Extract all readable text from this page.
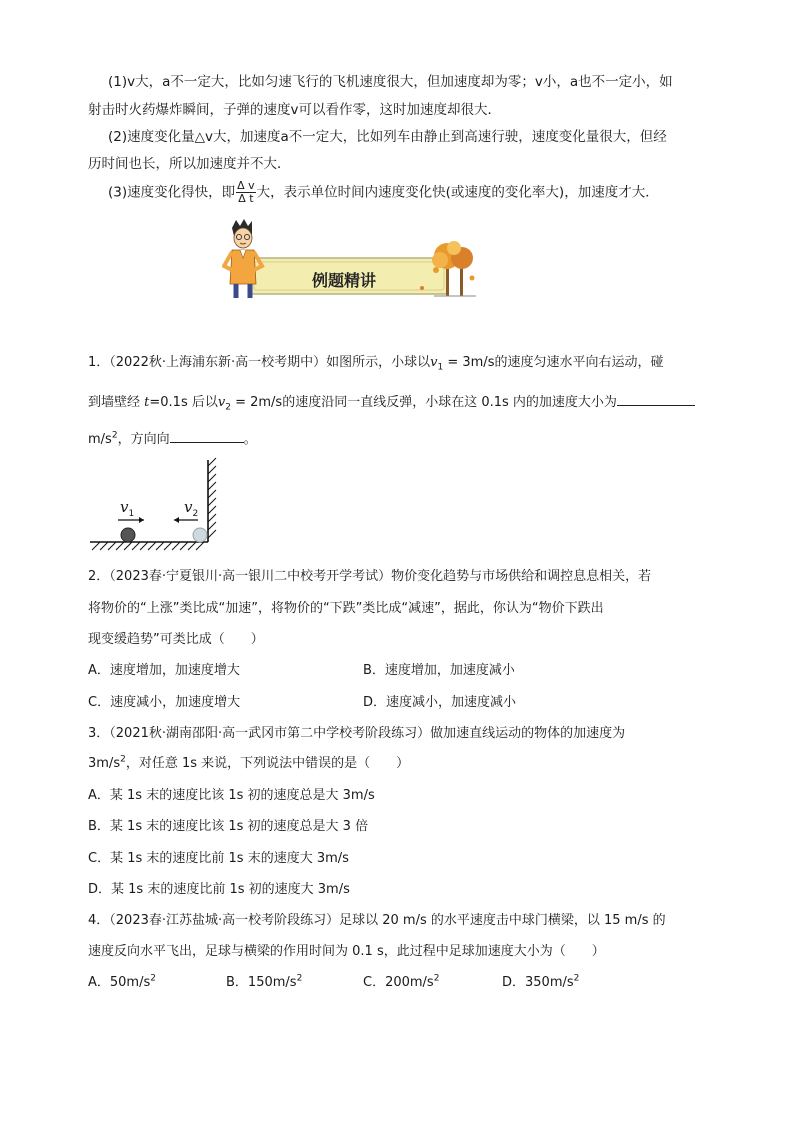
(1)v大，a不一定大，比如匀速飞行的飞机速度很大，但加速度却为零；v小，a也不一定小，如
射击时火药爆炸瞬间，子弹的速度v可以看作零，这时加速度却很大．
(2)速度变化量△v大，加速度a不一定大，比如列车由静止到高速行驶，速度变化量很大，但经
历时间也长，所以加速度并不大．
(3)速度变化得快，即 $\frac{\text{Δ v}}{\text{Δ t}}$ 大，表示单位时间内速度变化快(或速度的变化率大)，加速度才大．
例题精讲
1．（2022秋·上海浦东新·高一校考期中）如图所示，小球以$v_1 = 3m/s$的速度匀速水平向右运动，碰
到墙壁经 t=0.1s 后以$v_2 = 2m/s$的速度沿同一直线反弹，小球在这 0.1s 内的加速度大小为
$m/s^2$，方向向	。
$v_1$	$v_2$
2．（2023春·宁夏银川·高一银川二中校考开学考试）物价变化趋势与市场供给和调控息息相关，若
将物价的“上涨”类比成“加速”，将物价的“下跌”类比成“减速”，据此，你认为“物价下跌出
现变缓趋势”可类比成（　　）
A．速度增加，加速度增大	B．速度增加，加速度减小
C．速度减小，加速度增大	D．速度减小，加速度减小
3．（2021秋·湖南邵阳·高一武冈市第二中学校考阶段练习）做加速直线运动的物体的加速度为
$3m/s^2$，对任意 1s 来说，下列说法中错误的是（　　）
A．某 1s 末的速度比该 1s 初的速度总是大 3m/s
B．某 1s 末的速度比该 1s 初的速度总是大 3 倍
C．某 1s 末的速度比前 1s 末的速度大 3m/s
D．某 1s 末的速度比前 1s 初的速度大 3m/s
4．（2023春·江苏盐城·高一校考阶段练习）足球以 20 m/s 的水平速度击中球门横梁，以 15 m/s 的
速度反向水平飞出，足球与横梁的作用时间为 0.1 s，此过程中足球加速度大小为（　　）
A．$50m/s^2$	B．$150m/s^2$	C．$200m/s^2$	D．$350m/s^2$
